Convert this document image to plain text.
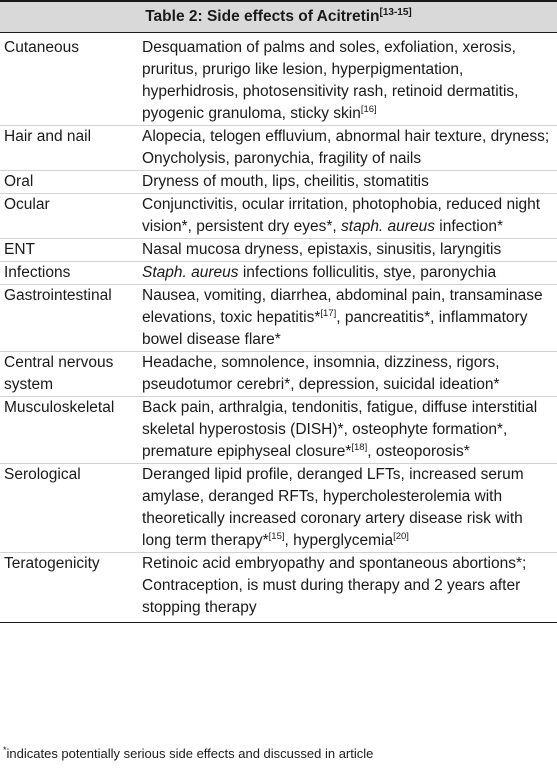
Table 2: Side effects of Acitretin[13-15]
Cutaneous	Desquamation of palms and soles, exfoliation, xerosis, pruritus, prurigo like lesion, hyperpigmentation, hyperhidrosis, photosensitivity rash, retinoid dermatitis, pyogenic granuloma, sticky skin[16]
Hair and nail	Alopecia, telogen effluvium, abnormal hair texture, dryness; Onycholysis, paronychia, fragility of nails
Oral	Dryness of mouth, lips, cheilitis, stomatitis
Ocular	Conjunctivitis, ocular irritation, photophobia, reduced night vision*, persistent dry eyes*, staph. aureus infection*
ENT	Nasal mucosa dryness, epistaxis, sinusitis, laryngitis
Infections	Staph. aureus infections folliculitis, stye, paronychia
Gastrointestinal	Nausea, vomiting, diarrhea, abdominal pain, transaminase elevations, toxic hepatitis*[17], pancreatitis*, inflammatory bowel disease flare*
Central nervous system	Headache, somnolence, insomnia, dizziness, rigors, pseudotumor cerebri*, depression, suicidal ideation*
Musculoskeletal	Back pain, arthralgia, tendonitis, fatigue, diffuse interstitial skeletal hyperostosis (DISH)*, osteophyte formation*, premature epiphyseal closure*[18], osteoporosis*
Serological	Deranged lipid profile, deranged LFTs, increased serum amylase, deranged RFTs, hypercholesterolemia with theoretically increased coronary artery disease risk with long term therapy*[15], hyperglycemia[20]
Teratogenicity	Retinoic acid embryopathy and spontaneous abortions*; Contraception, is must during therapy and 2 years after stopping therapy
*indicates potentially serious side effects and discussed in article
